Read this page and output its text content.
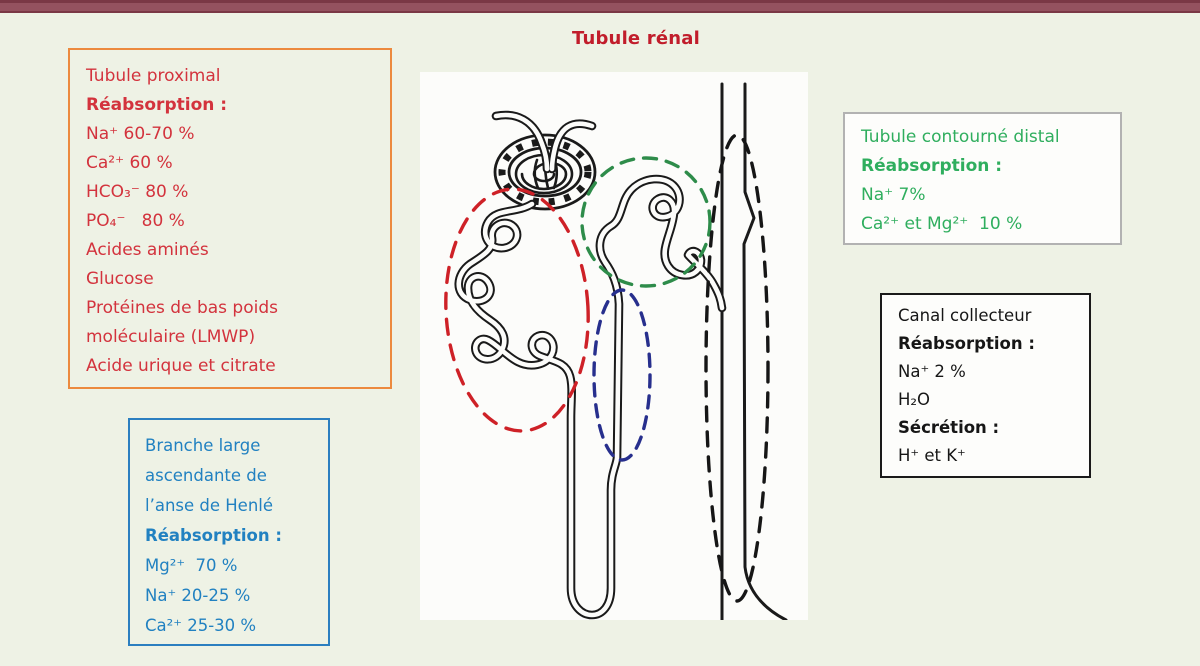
Tubule rénal
Tubule proximal
Réabsorption :
Na⁺ 60-70 %
Ca²⁺ 60 %
HCO₃⁻ 80 %
PO₄⁻   80 %
Acides aminés
Glucose
Protéines de bas poids
moléculaire (LMWP)
Acide urique et citrate
Branche large
ascendante de
l’anse de Henlé
Réabsorption :
Mg²⁺  70 %
Na⁺ 20-25 %
Ca²⁺ 25-30 %
Tubule contourné distal
Réabsorption :
Na⁺ 7%
Ca²⁺ et Mg²⁺  10 %
Canal collecteur
Réabsorption :
Na⁺ 2 %
H₂O
Sécrétion :
H⁺ et K⁺
